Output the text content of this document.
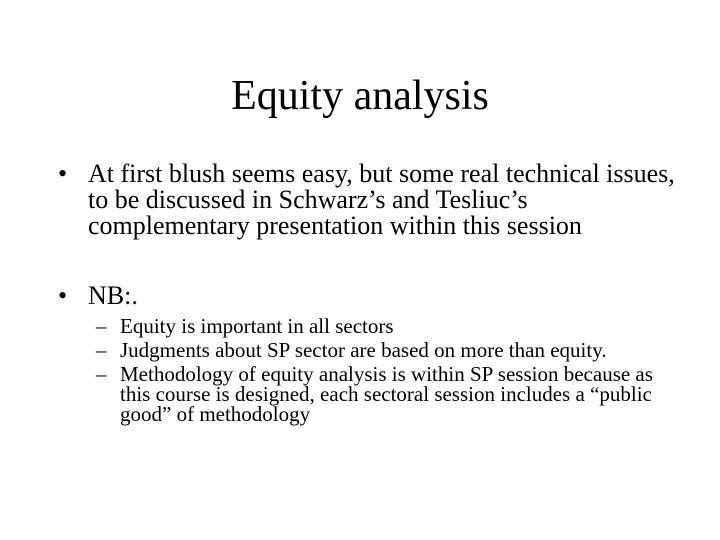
Equity analysis
• At first blush seems easy, but some real technical issues, to be discussed in Schwarz’s and Tesliuc’s complementary presentation within this session
• NB:.
– Equity is important in all sectors
– Judgments about SP sector are based on more than equity.
– Methodology of equity analysis is within SP session because as this course is designed, each sectoral session includes a “public good” of methodology
